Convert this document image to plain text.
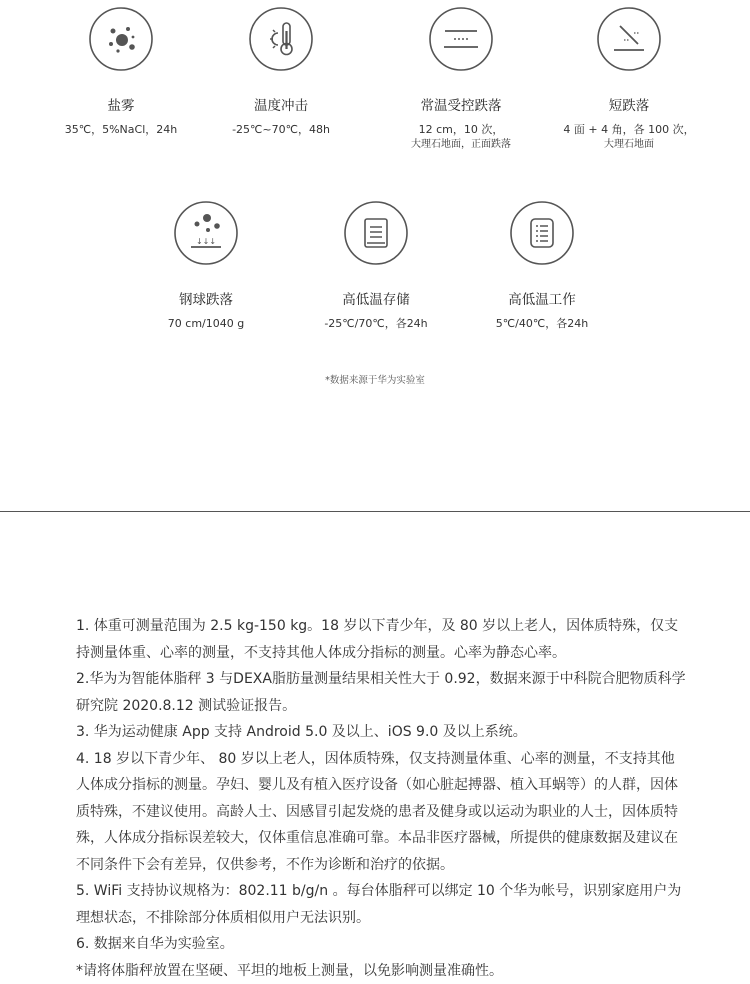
盐雾
35℃，5%NaCl，24h
温度冲击
-25℃~70℃，48h
常温受控跌落
12 cm，10 次，
大理石地面，正面跌落
短跌落
4 面 + 4 角，各 100 次，
大理石地面
↓↓↓
钢球跌落
70 cm/1040 g
高低温存储
-25℃/70℃，各24h
高低温工作
5℃/40℃，各24h
*数据来源于华为实验室

1. 体重可测量范围为 2.5 kg-150 kg。18 岁以下青少年，及 80 岁以上老人，因体质特殊，仅支持测量体重、心率的测量，不支持其他人体成分指标的测量。心率为静态心率。

2.华为为智能体脂秤 3 与DEXA脂肪量测量结果相关性大于 0.92，数据来源于中科院合肥物质科学研究院 2020.8.12 测试验证报告。

3. 华为运动健康 App 支持 Android 5.0 及以上、iOS 9.0 及以上系统。

4. 18 岁以下青少年、 80 岁以上老人，因体质特殊，仅支持测量体重、心率的测量，不支持其他人体成分指标的测量。孕妇、婴儿及有植入医疗设备（如心脏起搏器、植入耳蜗等）的人群，因体质特殊，不建议使用。高龄人士、因感冒引起发烧的患者及健身或以运动为职业的人士，因体质特殊，人体成分指标误差较大，仅体重信息准确可靠。本品非医疗器械，所提供的健康数据及建议在不同条件下会有差异，仅供参考，不作为诊断和治疗的依据。

5. WiFi 支持协议规格为：802.11 b/g/n 。每台体脂秤可以绑定 10 个华为帐号，识别家庭用户为理想状态，不排除部分体质相似用户无法识别。

6. 数据来自华为实验室。

*请将体脂秤放置在坚硬、平坦的地板上测量，以免影响测量准确性。
